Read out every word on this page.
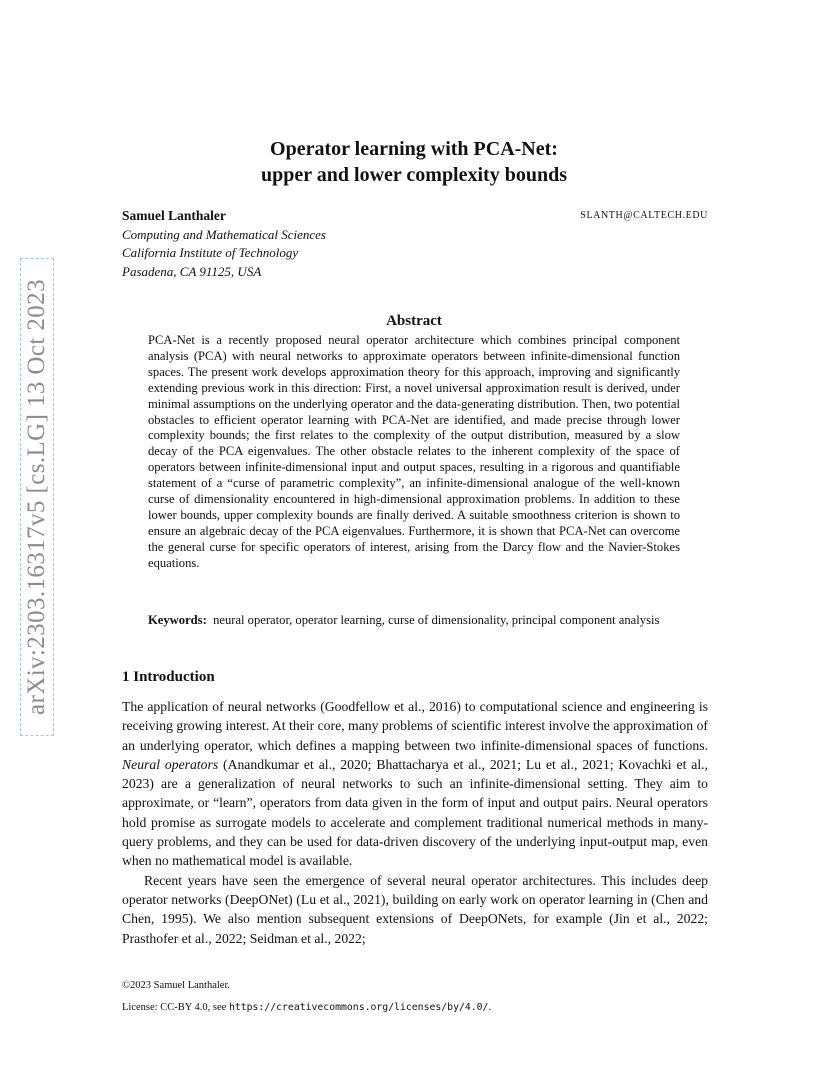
arXiv:2303.16317v5 [cs.LG] 13 Oct 2023
Operator learning with PCA-Net:
upper and lower complexity bounds
Samuel Lanthaler	SLANTH@CALTECH.EDU
Computing and Mathematical Sciences
California Institute of Technology
Pasadena, CA 91125, USA
Abstract

PCA-Net is a recently proposed neural operator architecture which combines principal component analysis (PCA) with neural networks to approximate operators between infinite-dimensional function spaces. The present work develops approximation theory for this approach, improving and significantly extending previous work in this direction: First, a novel universal approximation result is derived, under minimal assumptions on the underlying operator and the data-generating distribution. Then, two potential obstacles to efficient operator learning with PCA-Net are identified, and made precise through lower complexity bounds; the first relates to the complexity of the output distribution, measured by a slow decay of the PCA eigenvalues. The other obstacle relates to the inherent complexity of the space of operators between infinite-dimensional input and output spaces, resulting in a rigorous and quantifiable statement of a “curse of parametric complexity”, an infinite-dimensional analogue of the well-known curse of dimensionality encountered in high-dimensional approximation problems. In addition to these lower bounds, upper complexity bounds are finally derived. A suitable smoothness criterion is shown to ensure an algebraic decay of the PCA eigenvalues. Furthermore, it is shown that PCA-Net can overcome the general curse for specific operators of interest, arising from the Darcy flow and the Navier-Stokes equations.

Keywords: neural operator, operator learning, curse of dimensionality, principal component analysis

1 Introduction

The application of neural networks (Goodfellow et al., 2016) to computational science and engineering is receiving growing interest. At their core, many problems of scientific interest involve the approximation of an underlying operator, which defines a mapping between two infinite-dimensional spaces of functions. Neural operators (Anandkumar et al., 2020; Bhattacharya et al., 2021; Lu et al., 2021; Kovachki et al., 2023) are a generalization of neural networks to such an infinite-dimensional setting. They aim to approximate, or “learn”, operators from data given in the form of input and output pairs. Neural operators hold promise as surrogate models to accelerate and complement traditional numerical methods in many-query problems, and they can be used for data-driven discovery of the underlying input-output map, even when no mathematical model is available.

Recent years have seen the emergence of several neural operator architectures. This includes deep operator networks (DeepONet) (Lu et al., 2021), building on early work on operator learning in (Chen and Chen, 1995). We also mention subsequent extensions of DeepONets, for example (Jin et al., 2022; Prasthofer et al., 2022; Seidman et al., 2022;

©2023 Samuel Lanthaler.
License: CC-BY 4.0, see https://creativecommons.org/licenses/by/4.0/.
